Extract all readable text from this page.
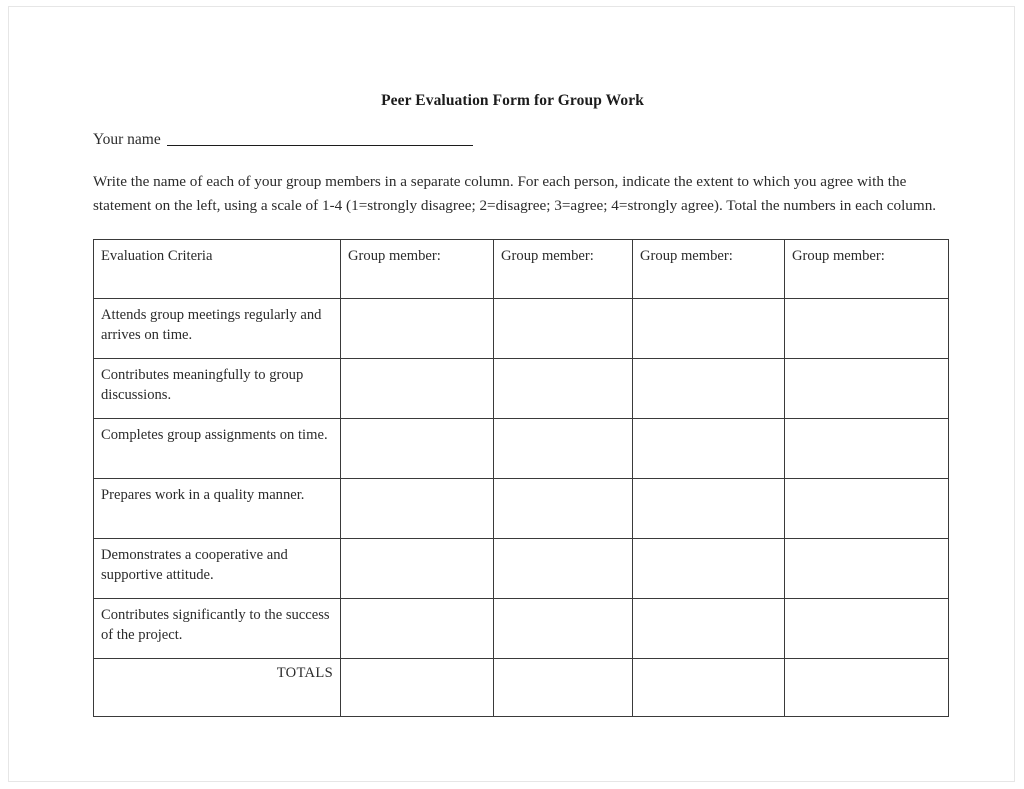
Peer Evaluation Form for Group Work
Your name
Write the name of each of your group members in a separate column. For each person, indicate the extent to which you agree with the statement on the left, using a scale of 1-4 (1=strongly disagree; 2=disagree; 3=agree; 4=strongly agree). Total the numbers in each column.
Evaluation Criteria	Group member:	Group member:	Group member:	Group member:
Attends group meetings regularly and arrives on time.				
Contributes meaningfully to group discussions.				
Completes group assignments on time.				
Prepares work in a quality manner.				
Demonstrates a cooperative and supportive attitude.				
Contributes significantly to the success of the project.				
TOTALS				
